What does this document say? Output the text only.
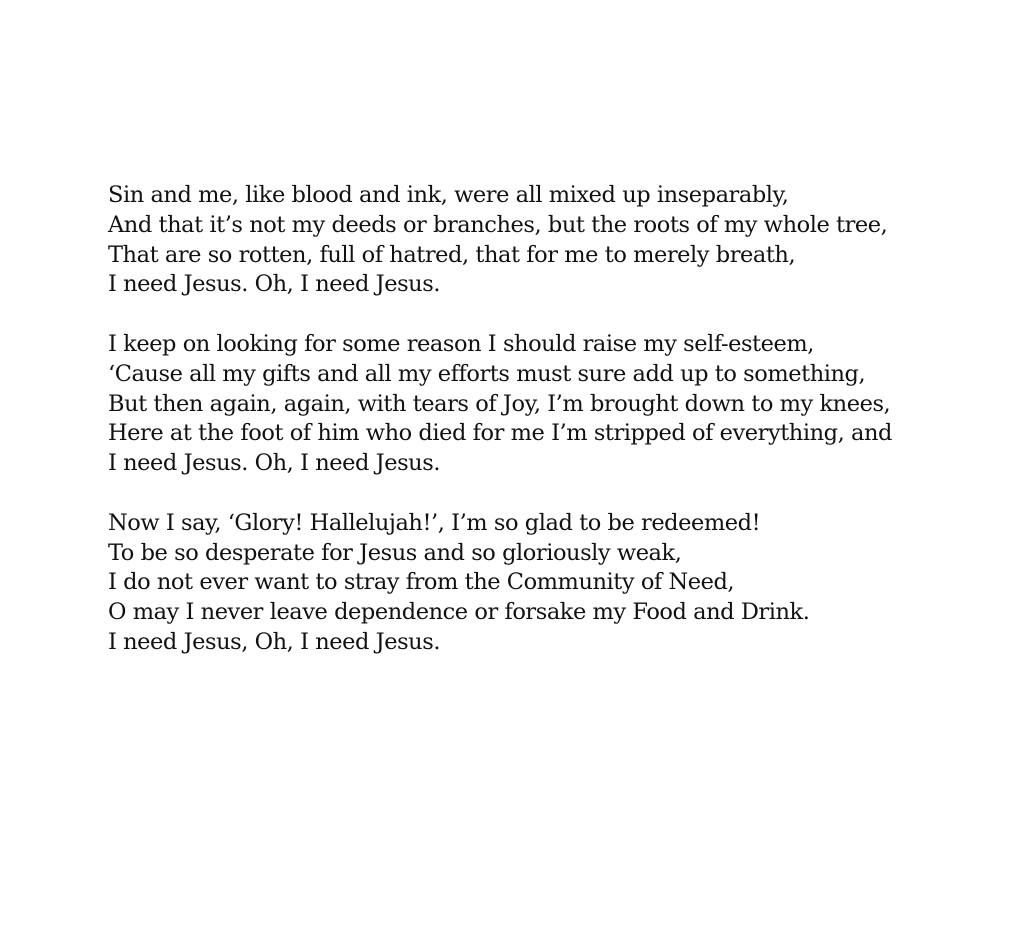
Sin and me, like blood and ink, were all mixed up inseparably,
And that it’s not my deeds or branches, but the roots of my whole tree,
That are so rotten, full of hatred, that for me to merely breath,
I need Jesus. Oh, I need Jesus.
I keep on looking for some reason I should raise my self-esteem,
‘Cause all my gifts and all my efforts must sure add up to something,
But then again, again, with tears of Joy, I’m brought down to my knees,
Here at the foot of him who died for me I’m stripped of everything, and
I need Jesus. Oh, I need Jesus.
Now I say, ‘Glory! Hallelujah!’, I’m so glad to be redeemed!
To be so desperate for Jesus and so gloriously weak,
I do not ever want to stray from the Community of Need,
O may I never leave dependence or forsake my Food and Drink.
I need Jesus, Oh, I need Jesus.
